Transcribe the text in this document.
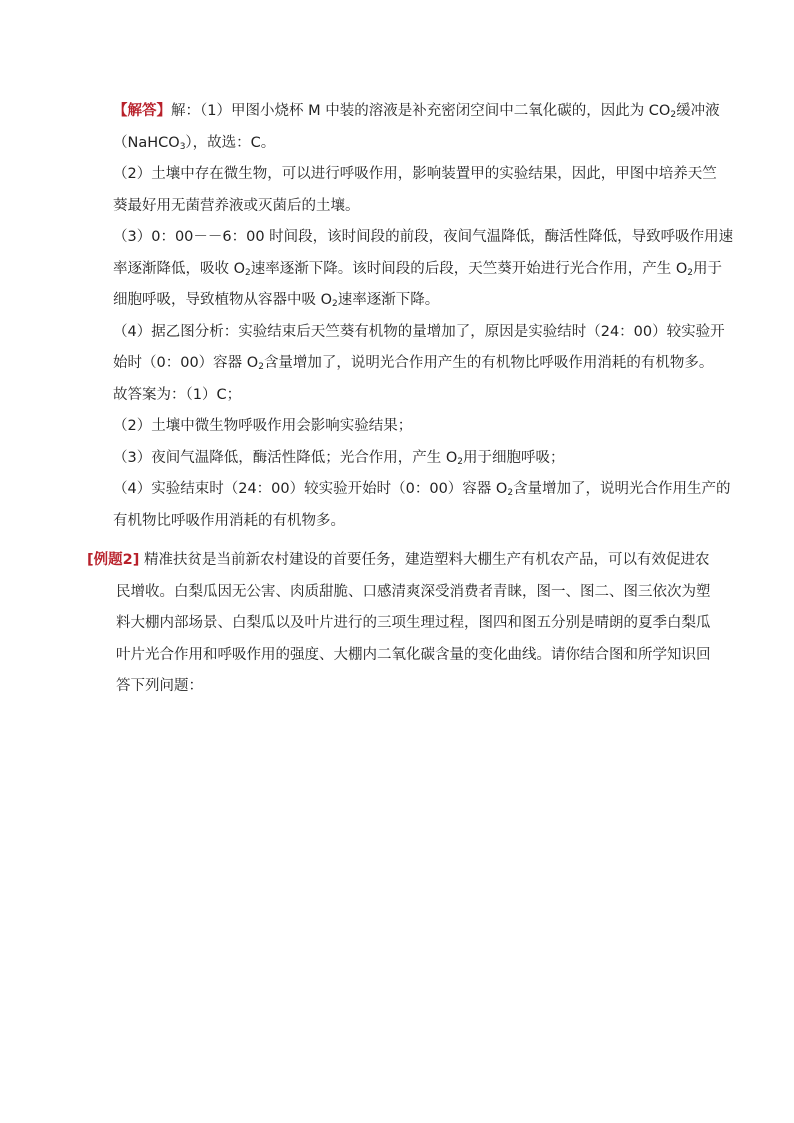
【解答】解：（1）甲图小烧杯 M 中装的溶液是补充密闭空间中二氧化碳的，因此为 $CO_2$缓冲液
（NaHCO$_3$），故选：C。
（2）土壤中存在微生物，可以进行呼吸作用，影响装置甲的实验结果，因此，甲图中培养天竺
葵最好用无菌营养液或灭菌后的土壤。
（3）0：00－－6：00 时间段，该时间段的前段，夜间气温降低，酶活性降低，导致呼吸作用速
率逐渐降低，吸收 $O_2$速率逐渐下降。该时间段的后段，天竺葵开始进行光合作用，产生 $O_2$用于
细胞呼吸，导致植物从容器中吸 $O_2$速率逐渐下降。
（4）据乙图分析：实验结束后天竺葵有机物的量增加了，原因是实验结时（24：00）较实验开
始时（0：00）容器 $O_2$含量增加了，说明光合作用产生的有机物比呼吸作用消耗的有机物多。
故答案为：（1）C；
（2）土壤中微生物呼吸作用会影响实验结果；
（3）夜间气温降低，酶活性降低；光合作用，产生 $O_2$用于细胞呼吸；
（4）实验结束时（24：00）较实验开始时（0：00）容器 $O_2$含量增加了，说明光合作用生产的
有机物比呼吸作用消耗的有机物多。
[例题2] 精准扶贫是当前新农村建设的首要任务，建造塑料大棚生产有机农产品，可以有效促进农
民增收。白梨瓜因无公害、肉质甜脆、口感清爽深受消费者青睐，图一、图二、图三依次为塑
料大棚内部场景、白梨瓜以及叶片进行的三项生理过程，图四和图五分别是晴朗的夏季白梨瓜
叶片光合作用和呼吸作用的强度、大棚内二氧化碳含量的变化曲线。请你结合图和所学知识回
答下列问题：
